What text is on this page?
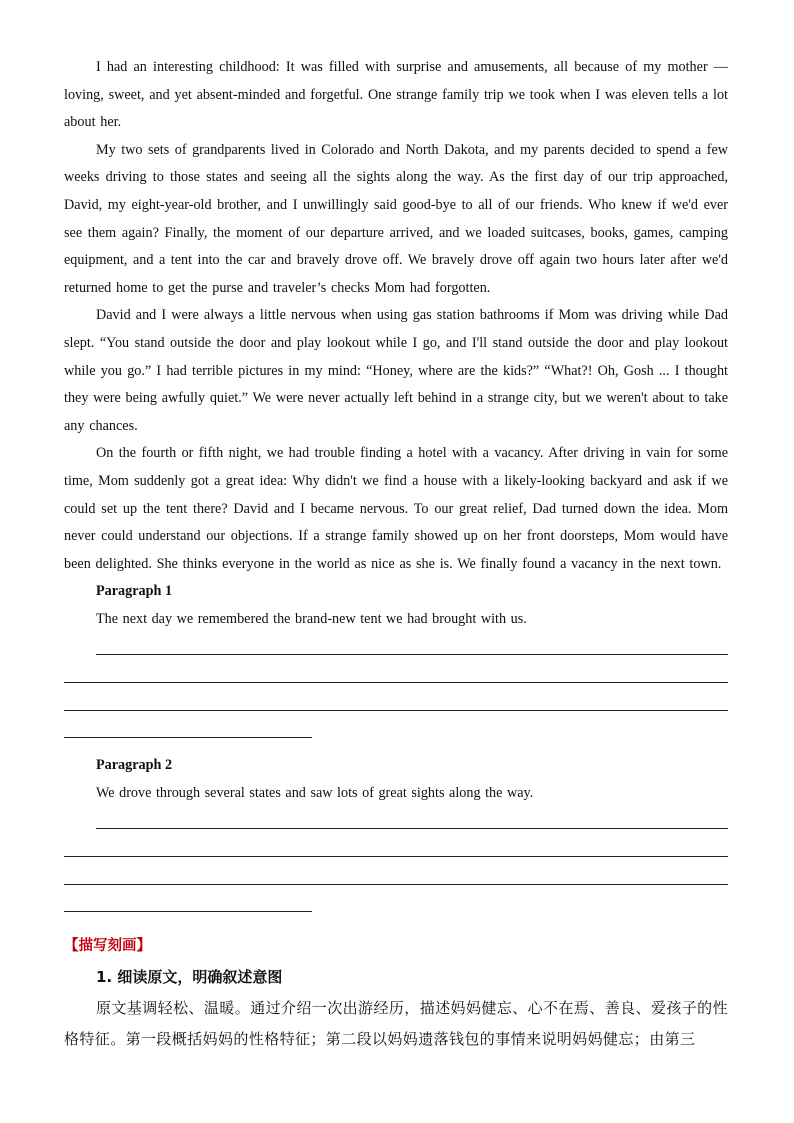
I had an interesting childhood: It was filled with surprise and amusements, all because of my mother —loving, sweet, and yet absent-minded and forgetful. One strange family trip we took when I was eleven tells a lot about her.

My two sets of grandparents lived in Colorado and North Dakota, and my parents decided to spend a few weeks driving to those states and seeing all the sights along the way. As the first day of our trip approached, David, my eight-year-old brother, and I unwillingly said good-bye to all of our friends. Who knew if we'd ever see them again? Finally, the moment of our departure arrived, and we loaded suitcases, books, games, camping equipment, and a tent into the car and bravely drove off. We bravely drove off again two hours later after we'd returned home to get the purse and traveler’s checks Mom had forgotten.

David and I were always a little nervous when using gas station bathrooms if Mom was driving while Dad slept. “You stand outside the door and play lookout while I go, and I'll stand outside the door and play lookout while you go.” I had terrible pictures in my mind: “Honey, where are the kids?” “What?! Oh, Gosh ... I thought they were being awfully quiet.” We were never actually left behind in a strange city, but we weren't about to take any chances.

On the fourth or fifth night, we had trouble finding a hotel with a vacancy. After driving in vain for some time, Mom suddenly got a great idea: Why didn't we find a house with a likely-looking backyard and ask if we could set up the tent there? David and I became nervous. To our great relief, Dad turned down the idea. Mom never could understand our objections. If a strange family showed up on her front doorsteps, Mom would have been delighted. She thinks everyone in the world as nice as she is. We finally found a vacancy in the next town.

Paragraph 1

The next day we remembered the brand-new tent we had brought with us.

Paragraph 2

We drove through several states and saw lots of great sights along the way.

【描写刻画】

1. 细读原文，明确叙述意图

原文基调轻松、温暖。通过介绍一次出游经历，描述妈妈健忘、心不在焉、善良、爱孩子的性格特征。第一段概括妈妈的性格特征；第二段以妈妈遗落钱包的事情来说明妈妈健忘；由第三
